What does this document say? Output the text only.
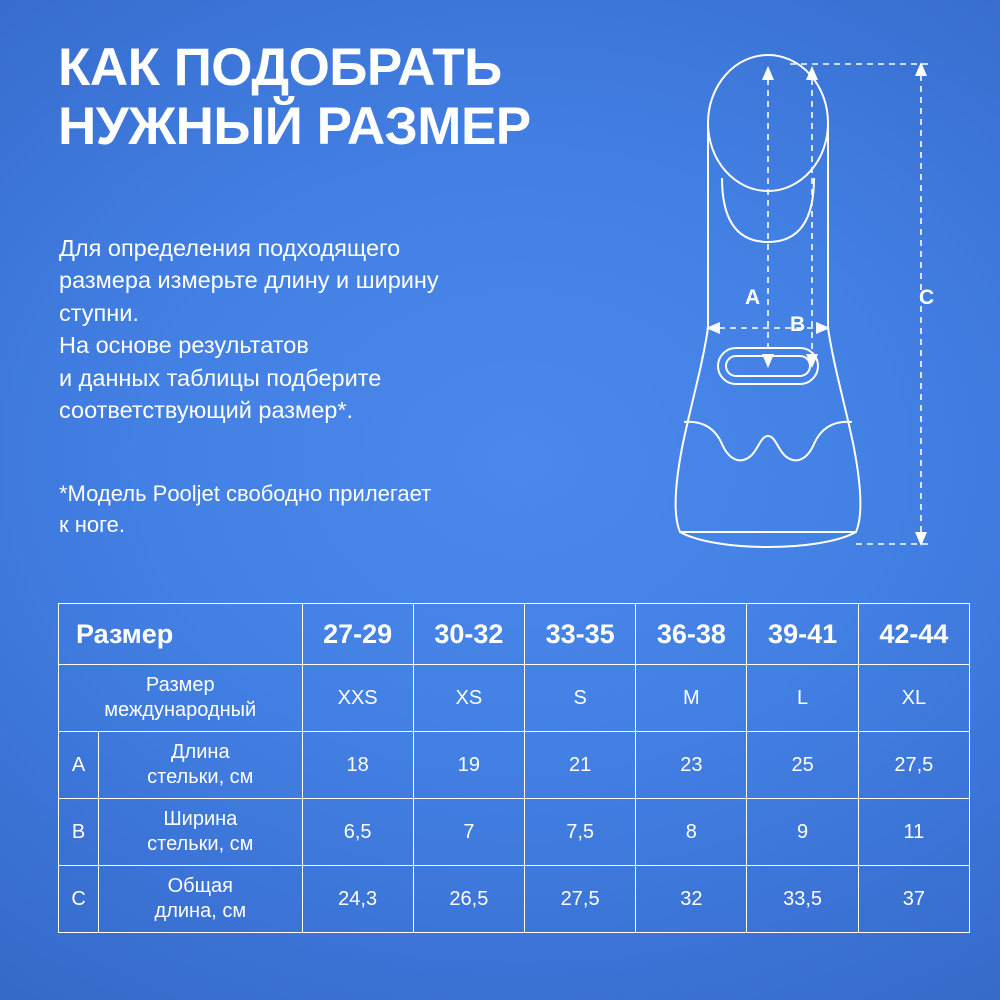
КАК ПОДОБРАТЬ
НУЖНЫЙ РАЗМЕР

Для определения подходящего

размера измерьте длину и ширину

ступни.

На основе результатов

и данных таблицы подберите

соответствующий размер*.

*Модель Pooljet свободно прилегает

к ноге.

A
B
C
Размер		27-29	30-32	33-35	36-38	39-41	42-44

Размер
международный		XXS	XS	S	M	L	XL
A	Длина
стельки, см	18	19	21	23	25	27,5
B	Ширина
стельки, см	6,5	7	7,5	8	9	11
C	Общая
длина, см	24,3	26,5	27,5	32	33,5	37
